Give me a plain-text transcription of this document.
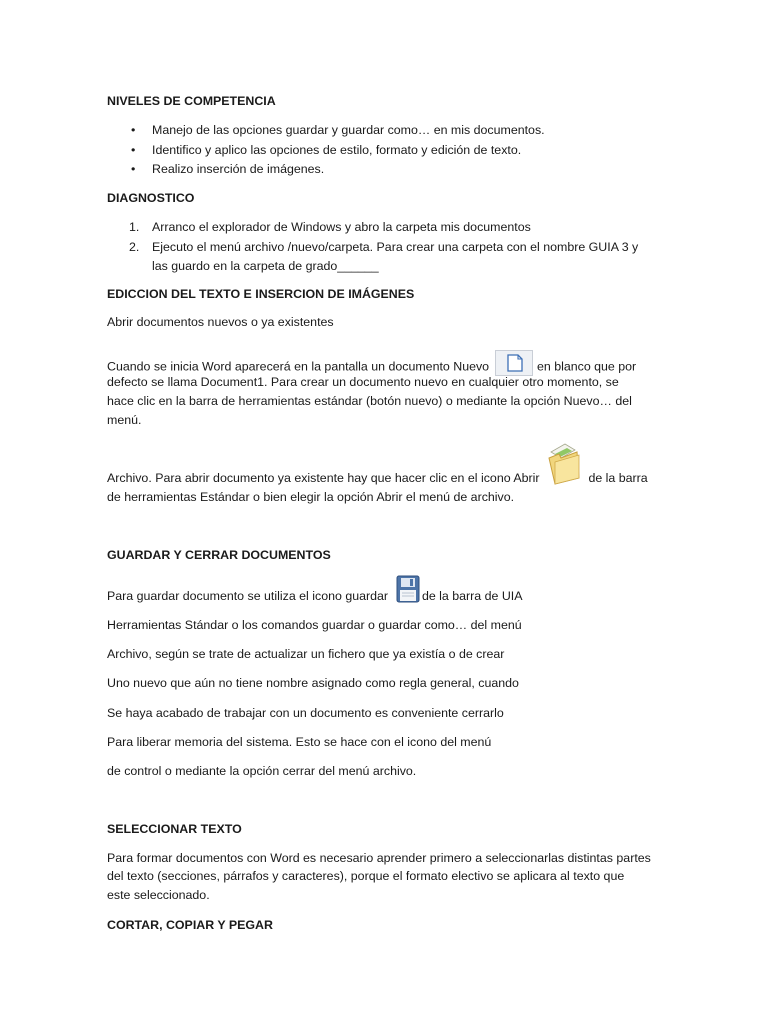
NIVELES DE COMPETENCIA
• Manejo de las opciones guardar y guardar como… en mis documentos.
• Identifico y aplico las opciones de estilo, formato y edición de texto.
• Realizo inserción de imágenes.
DIAGNOSTICO
1. Arranco el explorador de Windows y abro la carpeta mis documentos
2. Ejecuto el menú archivo /nuevo/carpeta. Para crear una carpeta con el nombre GUIA 3 y
las guardo en la carpeta de grado______
EDICCION DEL TEXTO E INSERCION DE IMÁGENES
Abrir documentos nuevos o ya existentes
Cuando se inicia Word aparecerá en la pantalla un documento Nuevo	en blanco que por
defecto se llama Document1. Para crear un documento nuevo en cualquier otro momento, se
hace clic en la barra de herramientas estándar (botón nuevo) o mediante la opción Nuevo… del
menú.
Archivo. Para abrir documento ya existente hay que hacer clic en el icono Abrir	de la barra
de herramientas Estándar o bien elegir la opción Abrir el menú de archivo.
GUARDAR Y CERRAR DOCUMENTOS
Para guardar documento se utiliza el icono guardar	de la barra de UIA
Herramientas Stándar o los comandos guardar o guardar como… del menú
Archivo, según se trate de actualizar un fichero que ya existía o de crear
Uno nuevo que aún no tiene nombre asignado como regla general, cuando
Se haya acabado de trabajar con un documento es conveniente cerrarlo
Para liberar memoria del sistema. Esto se hace con el icono del menú
de control o mediante la opción cerrar del menú archivo.
SELECCIONAR TEXTO
Para formar documentos con Word es necesario aprender primero a seleccionarlas distintas partes
del texto (secciones, párrafos y caracteres), porque el formato electivo se aplicara al texto que
este seleccionado.
CORTAR, COPIAR Y PEGAR
